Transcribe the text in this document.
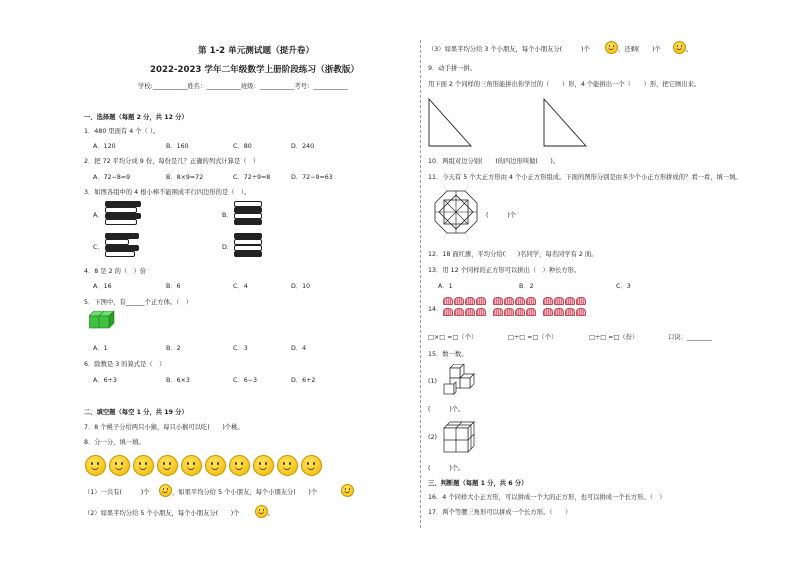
第 1-2 单元测试题（提升卷）
2022-2023 学年二年级数学上册阶段练习（浙教版）
学校:___________姓名：___________班级：___________考号：___________
一、选择题（每题 2 分，共 12 分）
1．480 里面有 4 个（ ）。
A．120	B．160	C．80	D．240
2．把 72 平均分成 9 份，每份是几？正确的列式计算是（　）
A．72−8=9	B．8×9=72	C．72÷9=8	D．72−9=63
3．如图各组中的 4 根小棒不能围成平行四边形的是（　）。
A．	B．
C．	D．
4．8 是 2 的（　）倍
A．16	B．6	C．4	D．10
5．下图中，有______个正方体。（　）
A．1	B．2	C．3	D．4
6．除数是 3 的算式是（　）
A．6÷3	B．6×3	C．6−3	D．6+2
二、填空题（每空 1 分，共 19 分）
7．8 个桃子分给两只小猴，每只小猴可以吃(　　)个桃。
8．分一分，填一填。
（1）一共有(　　　)个	，如果平均分给 5 个小朋友，每个小朋友分(　　)个
（2）如果平均分给 5 个小朋友，每个小朋友分(　　)个	。
（3）如果平均分给 3 个小朋友，每个小朋友分(　　　)个	，还剩(　　)个	。
9．动手拼一拼。
用下面 2 个同样的三角形能拼出你学过的（　　）形，4 个能拼出一个（　　）形，把它画出来。
10．两组对边分别(　　)的四边形叫做(　　)。
11．今天有 5 个大正方形由 4 个小正方形组成。下面的图形分别是由多少个小正方形拼成的？看一看，填一填。
(　　　)个
12．18 面红旗，平均分给(　　)名同学，每名同学有 2 面。
13．用 12 个同样的正方形可以拼出（　）种长方形。
A．1	B．2	C．3
14．
□×□ =□（个）	□÷□ =□（个）	□÷□ =□（份）	口诀：________
15．数一数。
(1)
(　　　)个。
(2)
(　　　)个。
三、判断题（每题 1 分，共 6 分）
16．4 个同样大小正方形，可以拼成一个大的正方形，也可以拼成一个长方形。（　）
17．两个等腰三角形可以拼成一个长方形。（　　）
